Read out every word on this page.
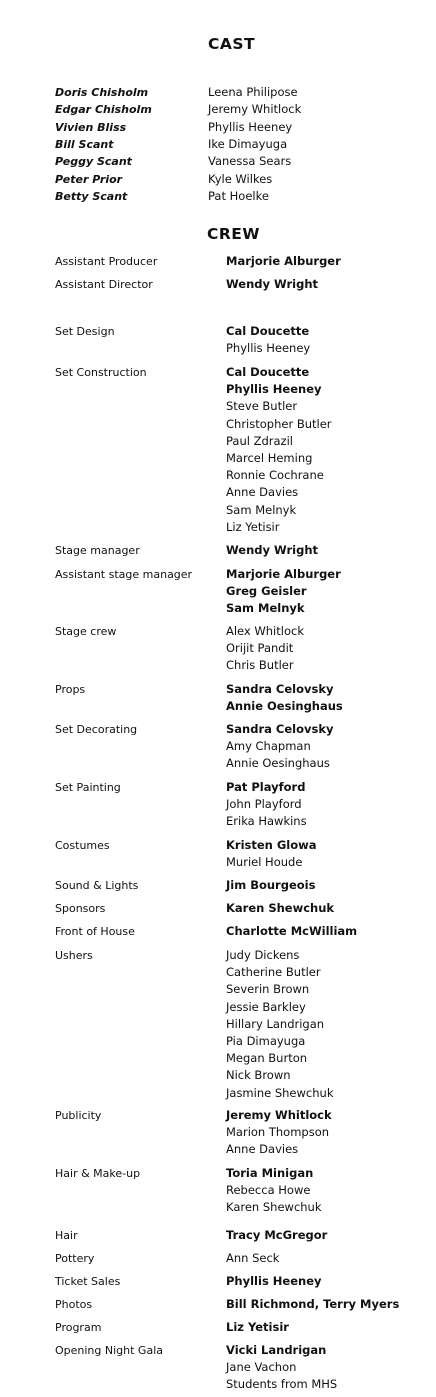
CAST
Doris Chisholm	Leena Philipose
Edgar Chisholm	Jeremy Whitlock
Vivien Bliss	Phyllis Heeney
Bill Scant	Ike Dimayuga
Peggy Scant	Vanessa Sears
Peter Prior	Kyle Wilkes
Betty Scant	Pat Hoelke
CREW
Assistant Producer	Marjorie Alburger
Assistant Director	Wendy Wright
Set Design	Cal Doucette
Phyllis Heeney
Set Construction	Cal Doucette
Phyllis Heeney
Steve Butler
Christopher Butler
Paul Zdrazil
Marcel Heming
Ronnie Cochrane
Anne Davies
Sam Melnyk
Liz Yetisir
Stage manager	Wendy Wright
Assistant stage manager	Marjorie Alburger
Greg Geisler
Sam Melnyk
Stage crew	Alex Whitlock
Orijit Pandit
Chris Butler
Props	Sandra Celovsky
Annie Oesinghaus
Set Decorating	Sandra Celovsky
Amy Chapman
Annie Oesinghaus
Set Painting	Pat Playford
John Playford
Erika Hawkins
Costumes	Kristen Glowa
Muriel Houde
Sound & Lights	Jim Bourgeois
Sponsors	Karen Shewchuk
Front of House	Charlotte McWilliam
Ushers	Judy Dickens
Catherine Butler
Severin Brown
Jessie Barkley
Hillary Landrigan
Pia Dimayuga
Megan Burton
Nick Brown
Jasmine Shewchuk
Publicity	Jeremy Whitlock
Marion Thompson
Anne Davies
Hair & Make-up	Toria Minigan
Rebecca Howe
Karen Shewchuk
Hair	Tracy McGregor
Pottery	Ann Seck
Ticket Sales	Phyllis Heeney
Photos	Bill Richmond, Terry Myers
Program	Liz Yetisir
Opening Night Gala	Vicki Landrigan
Jane Vachon
Students from MHS
